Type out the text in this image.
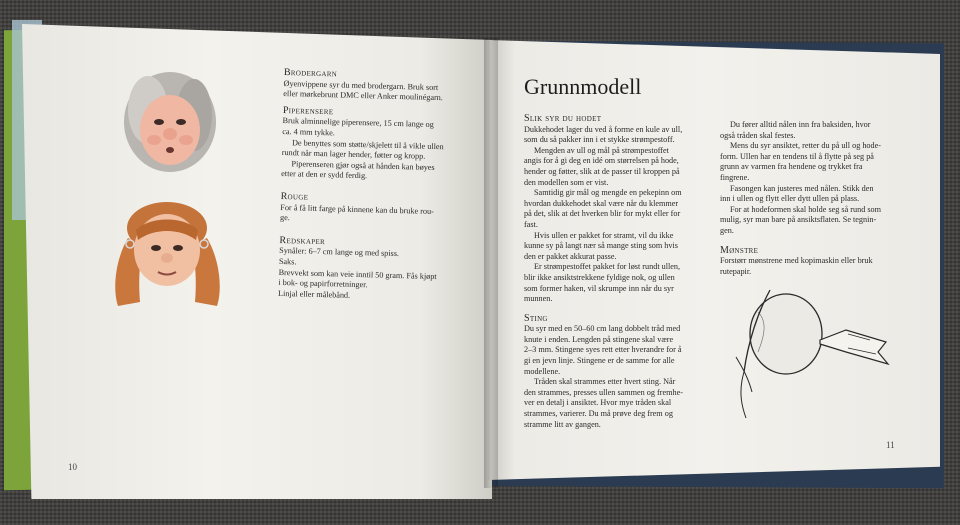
Brodergarn
Øyenvippene syr du med brodergarn. Bruk sort
eller mørkebrunt DMC eller Anker moulinégarn.
Piperensere
Bruk alminnelige piperensere, 15 cm lange og
ca. 4 mm tykke.
De benyttes som støtte/skjelett til å vikle ullen
rundt når man lager hender, føtter og kropp.
Piperenseren gjør også at hånden kan bøyes
etter at den er sydd ferdig.
Rouge
For å få litt farge på kinnene kan du bruke rou-
ge.
Redskaper
Synåler: 6–7 cm lange og med spiss.
Saks.
Brevvekt som kan veie inntil 50 gram. Fås kjøpt
i bok- og papirforretninger.
Linjal eller målebånd.
10
Grunnmodell
Slik syr du hodet
Dukkehodet lager du ved å forme en kule av ull,
som du så pakker inn i et stykke strømpestoff.
Mengden av ull og mål på strømpestoffet
angis for å gi deg en idé om størrelsen på hode,
hender og føtter, slik at de passer til kroppen på
den modellen som er vist.
Samtidig gir mål og mengde en pekepinn om
hvordan dukkehodet skal være når du klemmer
på det, slik at det hverken blir for mykt eller for
fast.
Hvis ullen er pakket for stramt, vil du ikke
kunne sy på langt nær så mange sting som hvis
den er pakket akkurat passe.
Er strømpestoffet pakket for løst rundt ullen,
blir ikke ansiktstrekkene fyldige nok, og ullen
som former haken, vil skrumpe inn når du syr
munnen.
Sting
Du syr med en 50–60 cm lang dobbelt tråd med
knute i enden. Lengden på stingene skal være
2–3 mm. Stingene syes rett etter hverandre for å
gi en jevn linje. Stingene er de samme for alle
modellene.
Tråden skal strammes etter hvert sting. Når
den strammes, presses ullen sammen og fremhe-
ver en detalj i ansiktet. Hvor mye tråden skal
strammes, varierer. Du må prøve deg frem og
stramme litt av gangen.
Du fører alltid nålen inn fra baksiden, hvor
også tråden skal festes.
Mens du syr ansiktet, retter du på ull og hode-
form. Ullen har en tendens til å flytte på seg på
grunn av varmen fra hendene og trykket fra
fingrene.
Fasongen kan justeres med nålen. Stikk den
inn i ullen og flytt eller dytt ullen på plass.
For at hodeformen skal holde seg så rund som
mulig, syr man bare på ansiktsflaten. Se tegnin-
gen.
Mønstre
Forstørr mønstrene med kopimaskin eller bruk
rutepapir.
11
